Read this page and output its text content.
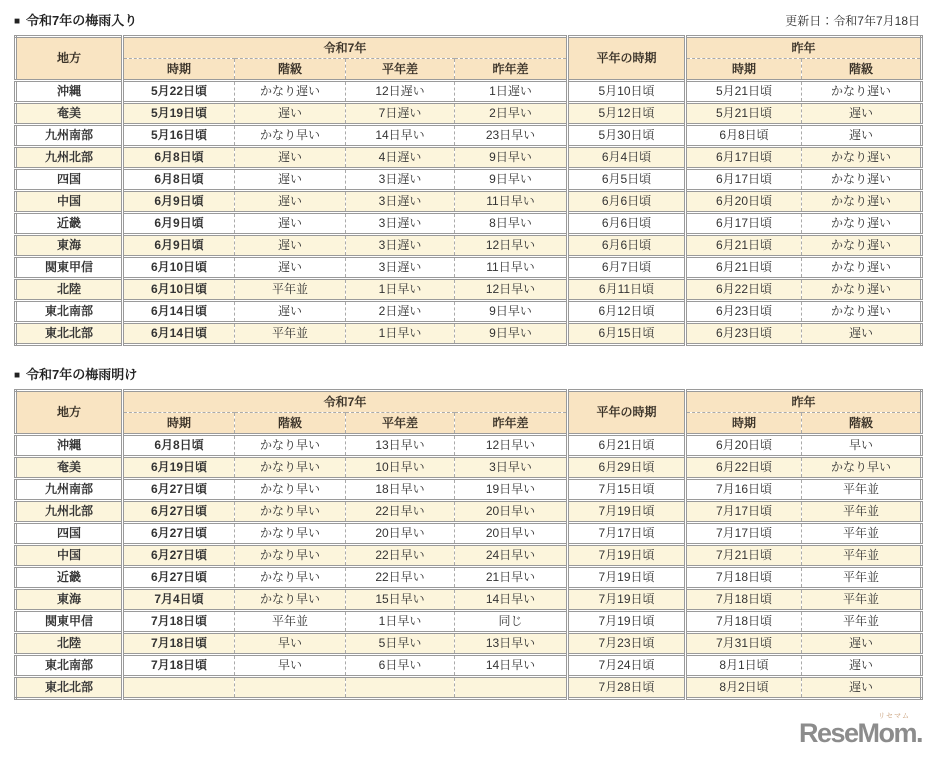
■ 令和7年の梅雨入り	更新日：令和7年7月18日
地方	令和7年				平年の時期	昨年	
	時期	階級	平年差	昨年差		時期	階級
沖縄	5月22日頃	かなり遅い	12日遅い	1日遅い	5月10日頃	5月21日頃	かなり遅い
奄美	5月19日頃	遅い	7日遅い	2日早い	5月12日頃	5月21日頃	遅い
九州南部	5月16日頃	かなり早い	14日早い	23日早い	5月30日頃	6月8日頃	遅い
九州北部	6月8日頃	遅い	4日遅い	9日早い	6月4日頃	6月17日頃	かなり遅い
四国	6月8日頃	遅い	3日遅い	9日早い	6月5日頃	6月17日頃	かなり遅い
中国	6月9日頃	遅い	3日遅い	11日早い	6月6日頃	6月20日頃	かなり遅い
近畿	6月9日頃	遅い	3日遅い	8日早い	6月6日頃	6月17日頃	かなり遅い
東海	6月9日頃	遅い	3日遅い	12日早い	6月6日頃	6月21日頃	かなり遅い
関東甲信	6月10日頃	遅い	3日遅い	11日早い	6月7日頃	6月21日頃	かなり遅い
北陸	6月10日頃	平年並	1日早い	12日早い	6月11日頃	6月22日頃	かなり遅い
東北南部	6月14日頃	遅い	2日遅い	9日早い	6月12日頃	6月23日頃	かなり遅い
東北北部	6月14日頃	平年並	1日早い	9日早い	6月15日頃	6月23日頃	遅い
■ 令和7年の梅雨明け
地方	令和7年				平年の時期	昨年	
	時期	階級	平年差	昨年差		時期	階級
沖縄	6月8日頃	かなり早い	13日早い	12日早い	6月21日頃	6月20日頃	早い
奄美	6月19日頃	かなり早い	10日早い	3日早い	6月29日頃	6月22日頃	かなり早い
九州南部	6月27日頃	かなり早い	18日早い	19日早い	7月15日頃	7月16日頃	平年並
九州北部	6月27日頃	かなり早い	22日早い	20日早い	7月19日頃	7月17日頃	平年並
四国	6月27日頃	かなり早い	20日早い	20日早い	7月17日頃	7月17日頃	平年並
中国	6月27日頃	かなり早い	22日早い	24日早い	7月19日頃	7月21日頃	平年並
近畿	6月27日頃	かなり早い	22日早い	21日早い	7月19日頃	7月18日頃	平年並
東海	7月4日頃	かなり早い	15日早い	14日早い	7月19日頃	7月18日頃	平年並
関東甲信	7月18日頃	平年並	1日早い	同じ	7月19日頃	7月18日頃	平年並
北陸	7月18日頃	早い	5日早い	13日早い	7月23日頃	7月31日頃	遅い
東北南部	7月18日頃	早い	6日早い	14日早い	7月24日頃	8月1日頃	遅い
東北北部					7月28日頃	8月2日頃	遅い
リセマム
ReseMom.
